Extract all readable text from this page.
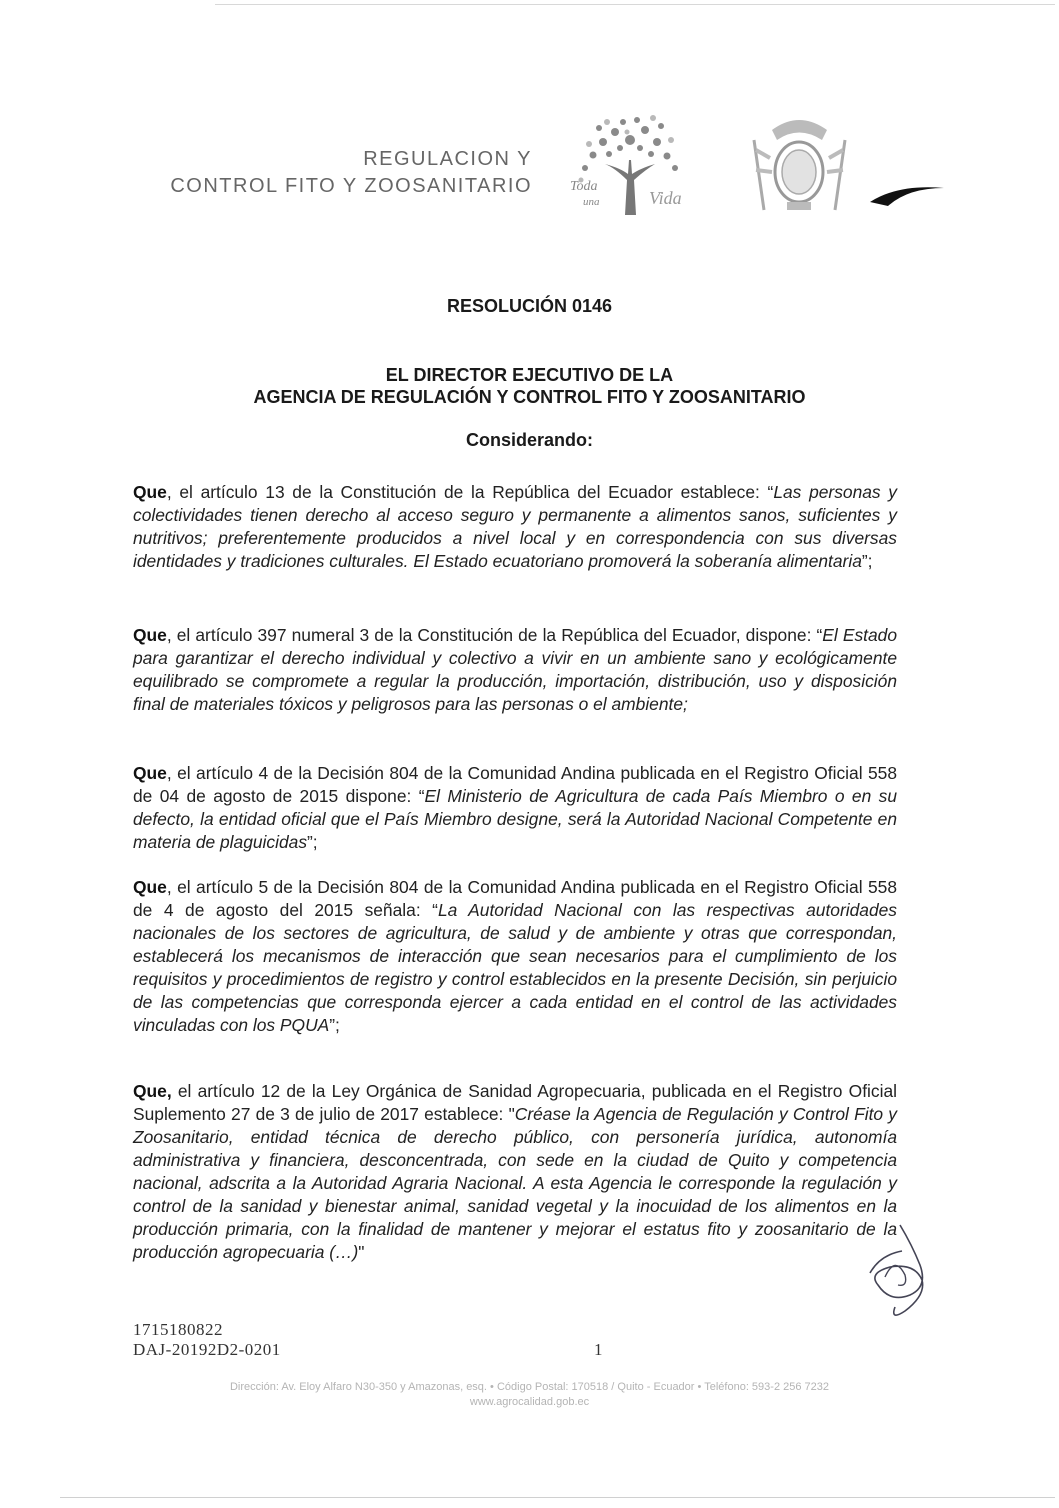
REGULACION Y
CONTROL FITO Y ZOOSANITARIO	Toda
una	Vida
RESOLUCIÓN 0146
EL DIRECTOR EJECUTIVO DE LA
AGENCIA DE REGULACIÓN Y CONTROL FITO Y ZOOSANITARIO
Considerando:
Que, el artículo 13 de la Constitución de la República del Ecuador establece: “Las personas y colectividades tienen derecho al acceso seguro y permanente a alimentos sanos, suficientes y nutritivos; preferentemente producidos a nivel local y en correspondencia con sus diversas identidades y tradiciones culturales. El Estado ecuatoriano promoverá la soberanía alimentaria”;
Que, el artículo 397 numeral 3 de la Constitución de la República del Ecuador, dispone: “El Estado para garantizar el derecho individual y colectivo a vivir en un ambiente sano y ecológicamente equilibrado se compromete a regular la producción, importación, distribución, uso y disposición final de materiales tóxicos y peligrosos para las personas o el ambiente;
Que, el artículo 4 de la Decisión 804 de la Comunidad Andina publicada en el Registro Oficial 558 de 04 de agosto de 2015 dispone: “El Ministerio de Agricultura de cada País Miembro o en su defecto, la entidad oficial que el País Miembro designe, será la Autoridad Nacional Competente en materia de plaguicidas”;
Que, el artículo 5 de la Decisión 804 de la Comunidad Andina publicada en el Registro Oficial 558 de 4 de agosto del 2015 señala: “La Autoridad Nacional con las respectivas autoridades nacionales de los sectores de agricultura, de salud y de ambiente y otras que correspondan, establecerá los mecanismos de interacción que sean necesarios para el cumplimiento de los requisitos y procedimientos de registro y control establecidos en la presente Decisión, sin perjuicio de las competencias que corresponda ejercer a cada entidad en el control de las actividades vinculadas con los PQUA”;
Que, el artículo 12 de la Ley Orgánica de Sanidad Agropecuaria, publicada en el Registro Oficial Suplemento 27 de 3 de julio de 2017 establece: "Créase la Agencia de Regulación y Control Fito y Zoosanitario, entidad técnica de derecho público, con personería jurídica, autonomía administrativa y financiera, desconcentrada, con sede en la ciudad de Quito y competencia nacional, adscrita a la Autoridad Agraria Nacional. A esta Agencia le corresponde la regulación y control de la sanidad y bienestar animal, sanidad vegetal y la inocuidad de los alimentos en la producción primaria, con la finalidad de mantener y mejorar el estatus fito y zoosanitario de la producción agropecuaria (…)"
1715180822
DAJ-20192D2-0201	1
Dirección: Av. Eloy Alfaro N30-350 y Amazonas, esq. • Código Postal: 170518 / Quito - Ecuador • Teléfono: 593-2 256 7232
www.agrocalidad.gob.ec
